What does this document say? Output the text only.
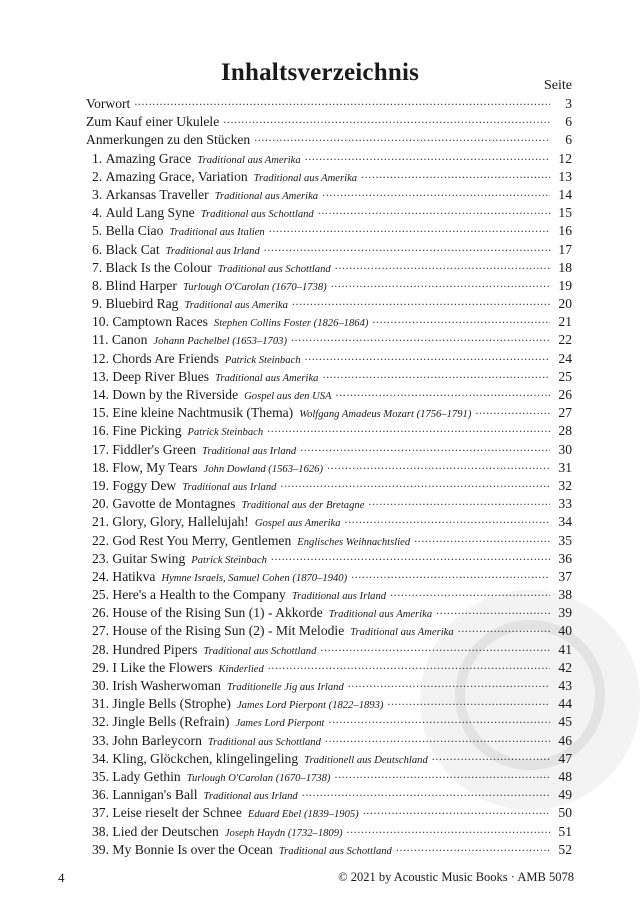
Inhaltsverzeichnis	Seite
Vorwort .....	3
Zum Kauf einer Ukulele .....	6
Anmerkungen zu den Stücken .....	6
1. Amazing Grace Traditional aus Amerika .....	12
2. Amazing Grace, Variation Traditional aus Amerika .....	13
3. Arkansas Traveller Traditional aus Amerika .....	14
4. Auld Lang Syne Traditional aus Schottland .....	15
5. Bella Ciao Traditional aus Italien .....	16
6. Black Cat Traditional aus Irland .....	17
7. Black Is the Colour Traditional aus Schottland .....	18
8. Blind Harper Turlough O'Carolan (1670–1738) .....	19
9. Bluebird Rag Traditional aus Amerika .....	20
10. Camptown Races Stephen Collins Foster (1826–1864) .....	21
11. Canon Johann Pachelbel (1653–1703) .....	22
12. Chords Are Friends Patrick Steinbach .....	24
13. Deep River Blues Traditional aus Amerika .....	25
14. Down by the Riverside Gospel aus den USA .....	26
15. Eine kleine Nachtmusik (Thema) Wolfgang Amadeus Mozart (1756–1791) .....	27
16. Fine Picking Patrick Steinbach .....	28
17. Fiddler's Green Traditional aus Irland .....	30
18. Flow, My Tears John Dowland (1563–1626) .....	31
19. Foggy Dew Traditional aus Irland .....	32
20. Gavotte de Montagnes Traditional aus der Bretagne .....	33
21. Glory, Glory, Hallelujah! Gospel aus Amerika .....	34
22. God Rest You Merry, Gentlemen Englisches Weihnachtslied .....	35
23. Guitar Swing Patrick Steinbach .....	36
24. Hatikva Hymne Israels, Samuel Cohen (1870–1940) .....	37
25. Here's a Health to the Company Traditional aus Irland .....	38
26. House of the Rising Sun (1) - Akkorde Traditional aus Amerika .....	39
27. House of the Rising Sun (2) - Mit Melodie Traditional aus Amerika .....	40
28. Hundred Pipers Traditional aus Schottland .....	41
29. I Like the Flowers Kinderlied .....	42
30. Irish Washerwoman Traditionelle Jig aus Irland .....	43
31. Jingle Bells (Strophe) James Lord Pierpont (1822–1893) .....	44
32. Jingle Bells (Refrain) James Lord Pierpont .....	45
33. John Barleycorn Traditional aus Schottland .....	46
34. Kling, Glöckchen, klingelingeling Traditionell aus Deutschland .....	47
35. Lady Gethin Turlough O'Carolan (1670–1738) .....	48
36. Lannigan's Ball Traditional aus Irland .....	49
37. Leise rieselt der Schnee Eduard Ebel (1839–1905) .....	50
38. Lied der Deutschen Joseph Haydn (1732–1809) .....	51
39. My Bonnie Is over the Ocean Traditional aus Schottland .....	52
4	© 2021 by Acoustic Music Books · AMB 5078
